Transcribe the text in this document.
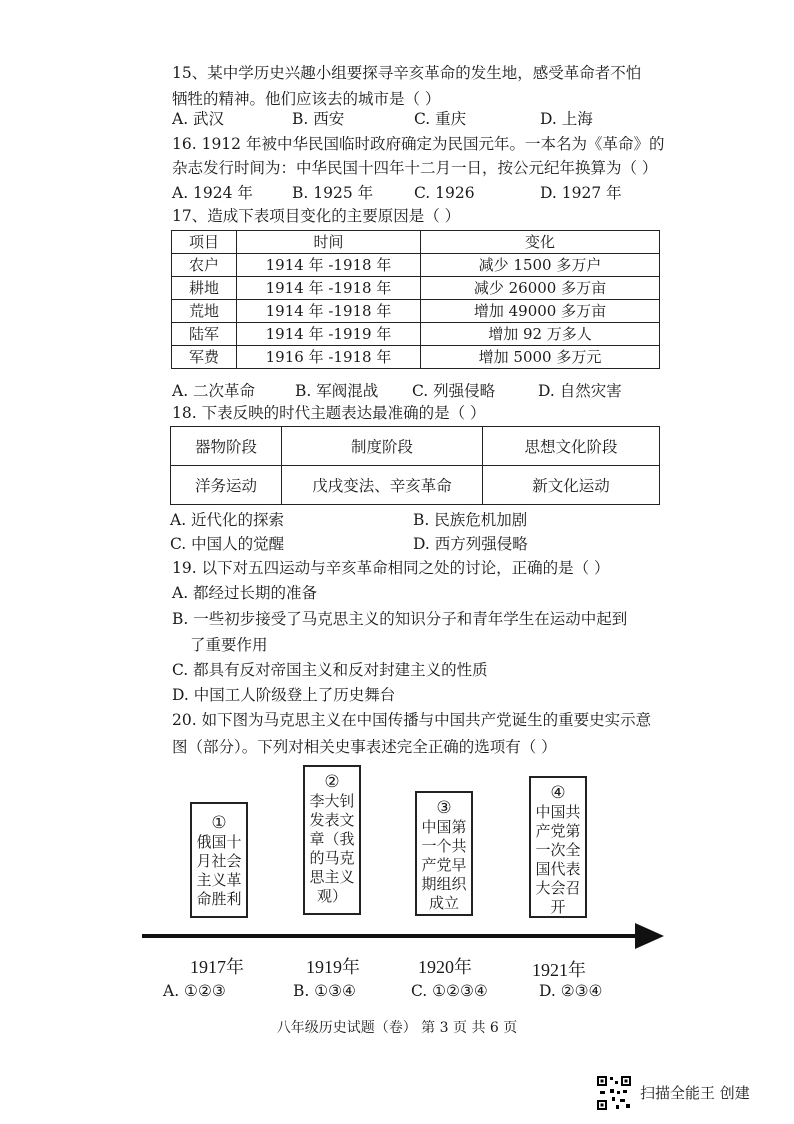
15、某中学历史兴趣小组要探寻辛亥革命的发生地，感受革命者不怕
牺牲的精神。他们应该去的城市是（ ）
A. 武汉	B. 西安	C. 重庆	D. 上海
16. 1912 年被中华民国临时政府确定为民国元年。一本名为《革命》的
杂志发行时间为：中华民国十四年十二月一日，按公元纪年换算为（ ）
A. 1924 年	B. 1925 年	C. 1926	D. 1927 年
17、造成下表项目变化的主要原因是（ ）
项目	时间	变化
农户	1914 年 -1918 年	减少 1500 多万户
耕地	1914 年 -1918 年	减少 26000 多万亩
荒地	1914 年 -1918 年	增加 49000 多万亩
陆军	1914 年 -1919 年	增加 92 万多人
军费	1916 年 -1918 年	增加 5000 多万元
A. 二次革命	B. 军阀混战 C. 列强侵略	D. 自然灾害
18. 下表反映的时代主题表达最准确的是（ ）
器物阶段	制度阶段	思想文化阶段
洋务运动	戊戌变法、辛亥革命	新文化运动
A. 近代化的探索	B. 民族危机加剧
C. 中国人的觉醒	D. 西方列强侵略
19. 以下对五四运动与辛亥革命相同之处的讨论，正确的是（ ）
A. 都经过长期的准备
B. 一些初步接受了马克思主义的知识分子和青年学生在运动中起到
了重要作用
C. 都具有反对帝国主义和反对封建主义的性质
D. 中国工人阶级登上了历史舞台
20. 如下图为马克思主义在中国传播与中国共产党诞生的重要史实示意
图（部分）。下列对相关史事表述完全正确的选项有（ ）
①
俄国十月社会主义革命胜利
②
李大钊发表文章（我的马克思主义观）
③
中国第一个共产党早期组织成立
④
中国共产党第一次全国代表大会召开
1917年	1919年	1920年	1921年
A. ①②③	B. ①③④	C. ①②③④	D. ②③④
八年级历史试题（卷） 第 3 页 共 6 页
扫描全能王 创建
